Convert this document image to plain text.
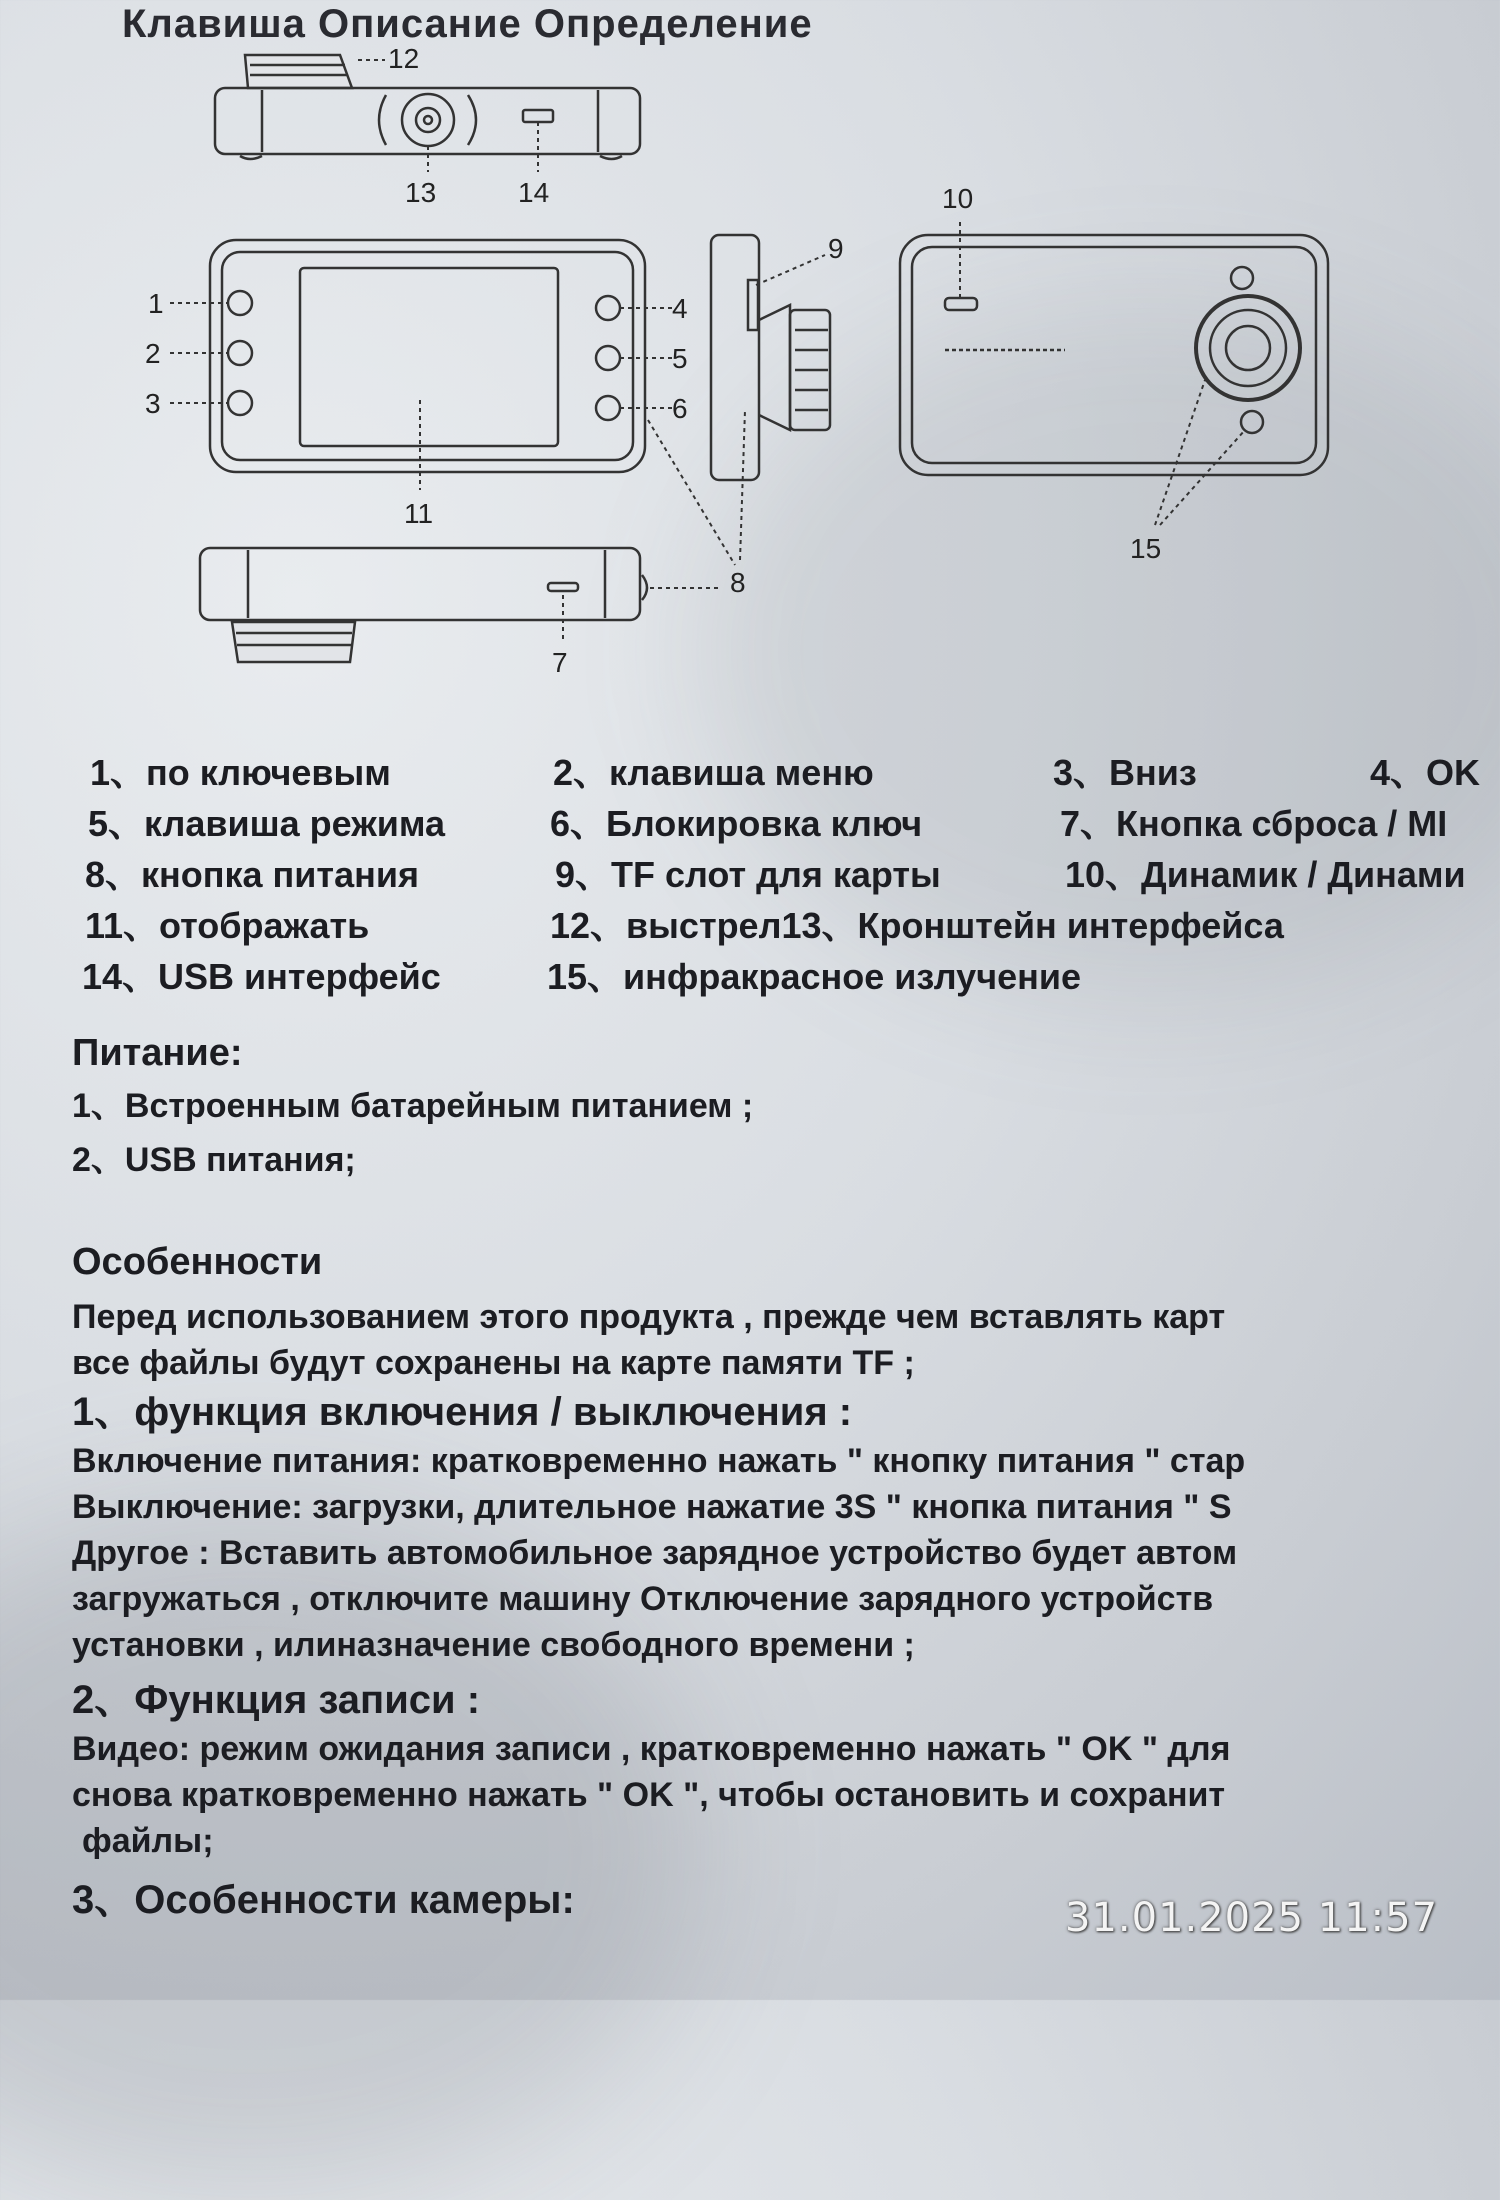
Клавиша Описание Определение
1
2
3
4
5
6
7
8
9
10
11
12
13	14
15
1、по ключевым	2、клавиша меню	3、Вниз	4、OK
5、клавиша режима	6、Блокировка ключ	7、Кнопка сброса / MI
8、кнопка питания	9、TF слот для карты	10、Динамик / Динами
11、отображать	12、выстрел13、Кронштейн интерфейса
14、USB интерфейс	15、инфракрасное излучение

Питание:

1、Встроенным батарейным питанием ;

2、USB питания;

Особенности

Перед использованием этого продукта , прежде чем вставлять карт

все файлы будут сохранены на карте памяти TF ;

1、функция включения / выключения :

Включение питания: кратковременно нажать " кнопку питания " стар

Выключение: загрузки, длительное нажатие 3S " кнопка питания " S

Другое : Вставить автомобильное зарядное устройство будет автом

загружаться , отключите машину Отключение зарядного устройств

установки , илиназначение свободного времени ;

2、Функция записи :

Видео: режим ожидания записи , кратковременно нажать " OK " для

снова кратковременно нажать " OK ", чтобы остановить и сохранит

файлы;

3、Особенности камеры:	31.01.2025 11:57
